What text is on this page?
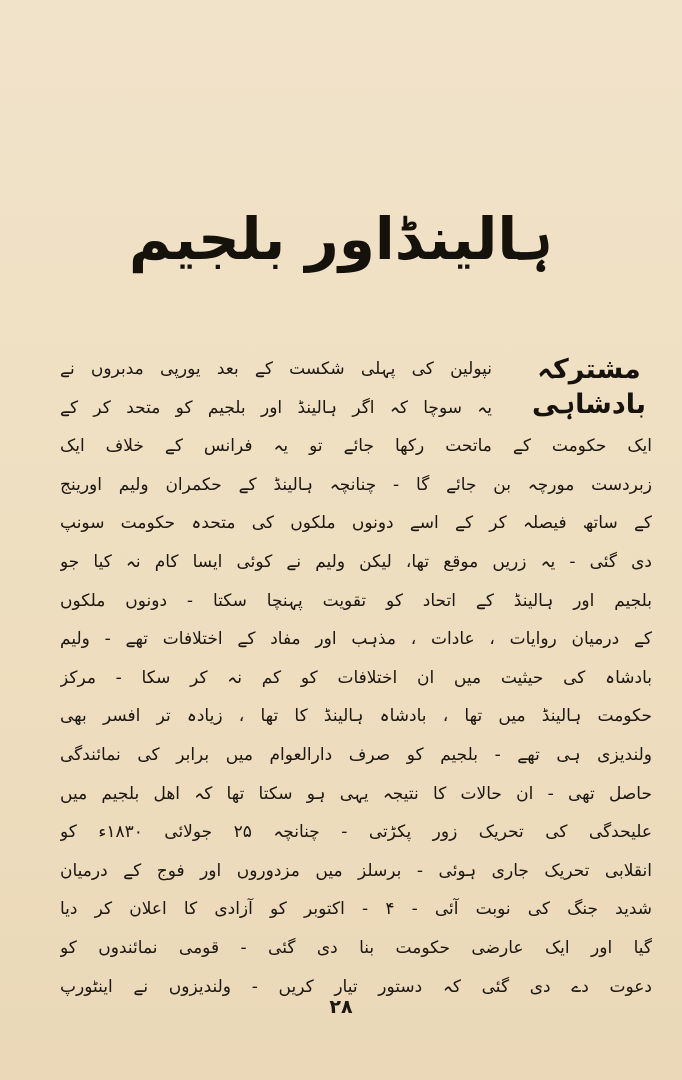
ہالینڈاور بلجیم
مشترکہ بادشاہی
نپولین کی پہلی شکست کے بعد یورپی مدبروں نے
یہ سوچا کہ اگر ہالینڈ اور بلجیم کو متحد کر کے
ایک حکومت کے ماتحت رکھا جائے تو یہ فرانس کے خلاف ایک
زبردست مورچہ بن جائے گا - چنانچہ ہالینڈ کے حکمران ولیم اورینج
کے ساتھ فیصلہ کر کے اسے دونوں ملکوں کی متحدہ حکومت سونپ
دی گئی - یہ زریں موقع تھا، لیکن ولیم نے کوئی ایسا کام نہ کیا جو
بلجیم اور ہالینڈ کے اتحاد کو تقویت پہنچا سکتا - دونوں ملکوں
کے درمیان روایات ، عادات ، مذہب اور مفاد کے اختلافات تھے - ولیم
بادشاہ کی حیثیت میں ان اختلافات کو کم نہ کر سکا - مرکز
حکومت ہالینڈ میں تھا ، بادشاہ ہالینڈ کا تھا ، زیادہ تر افسر بھی
ولندیزی ہی تھے - بلجیم کو صرف دارالعوام میں برابر کی نمائندگی
حاصل تھی - ان حالات کا نتیجہ یہی ہو سکتا تھا کہ اھل بلجیم میں
علیحدگی کی تحریک زور پکڑتی - چنانچہ ۲۵ جولائی ۱۸۳۰ء کو
انقلابی تحریک جاری ہوئی - برسلز میں مزدوروں اور فوج کے درمیان
شدید جنگ کی نوبت آئی - ۴ - اکتوبر کو آزادی کا اعلان کر دیا
گیا اور ایک عارضی حکومت بنا دی گئی - قومی نمائندوں کو
دعوت دے دی گئی کہ دستور تیار کریں - ولندیزوں نے اینٹورپ
۲۸
